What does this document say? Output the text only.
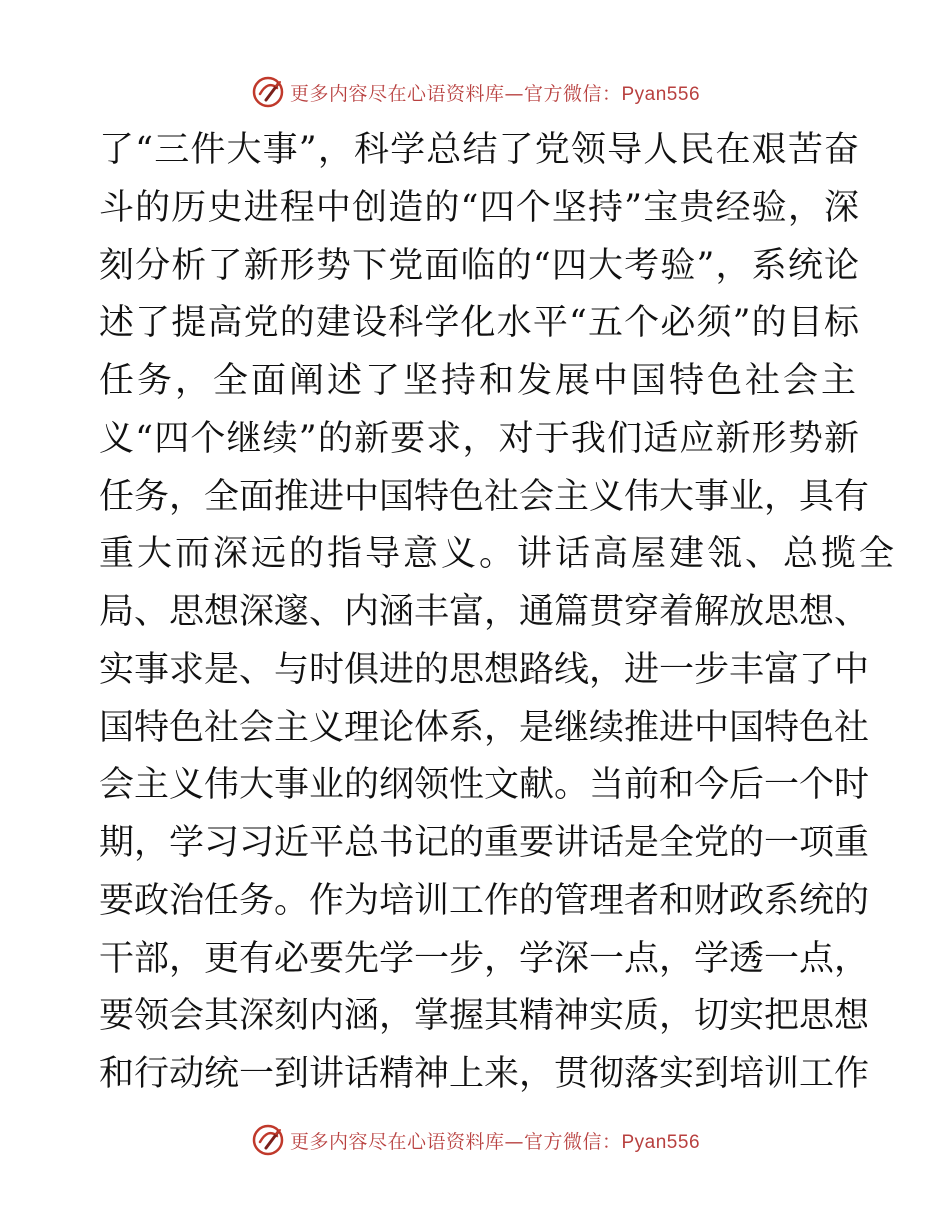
更多内容尽在心语资料库—官方微信：Pyan556
了“三件大事”，科学总结了党领导人民在艰苦奋
斗的历史进程中创造的“四个坚持”宝贵经验，深
刻分析了新形势下党面临的“四大考验”，系统论
述了提高党的建设科学化水平“五个必须”的目标
任务，全面阐述了坚持和发展中国特色社会主
义“四个继续”的新要求，对于我们适应新形势新
任务，全面推进中国特色社会主义伟大事业，具有
重大而深远的指导意义。讲话高屋建瓴、总揽全
局、思想深邃、内涵丰富，通篇贯穿着解放思想、
实事求是、与时俱进的思想路线，进一步丰富了中
国特色社会主义理论体系，是继续推进中国特色社
会主义伟大事业的纲领性文献。当前和今后一个时
期，学习习近平总书记的重要讲话是全党的一项重
要政治任务。作为培训工作的管理者和财政系统的
干部，更有必要先学一步，学深一点，学透一点，
要领会其深刻内涵，掌握其精神实质，切实把思想
和行动统一到讲话精神上来，贯彻落实到培训工作
更多内容尽在心语资料库—官方微信：Pyan556
